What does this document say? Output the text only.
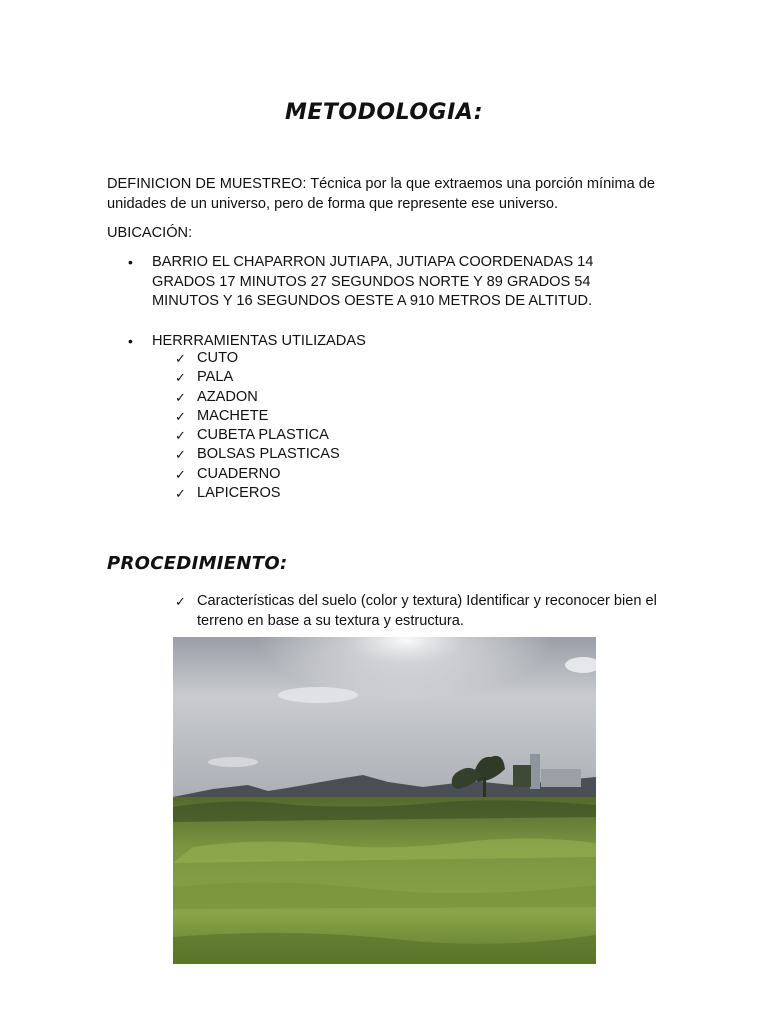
METODOLOGIA:
DEFINICION DE MUESTREO: Técnica por la que extraemos una porción mínima de unidades de un universo, pero de forma que represente ese universo.
UBICACIÓN:
• BARRIO EL CHAPARRON JUTIAPA, JUTIAPA COORDENADAS 14 GRADOS 17 MINUTOS 27 SEGUNDOS NORTE Y 89 GRADOS 54 MINUTOS Y 16 SEGUNDOS OESTE A 910 METROS DE ALTITUD.
• HERRRAMIENTAS UTILIZADAS
✓ CUTO
✓ PALA
✓ AZADON
✓ MACHETE
✓ CUBETA PLASTICA
✓ BOLSAS PLASTICAS
✓ CUADERNO
✓ LAPICEROS
PROCEDIMIENTO:
✓ Características del suelo (color y textura) Identificar y reconocer bien el terreno en base a su textura y estructura.
